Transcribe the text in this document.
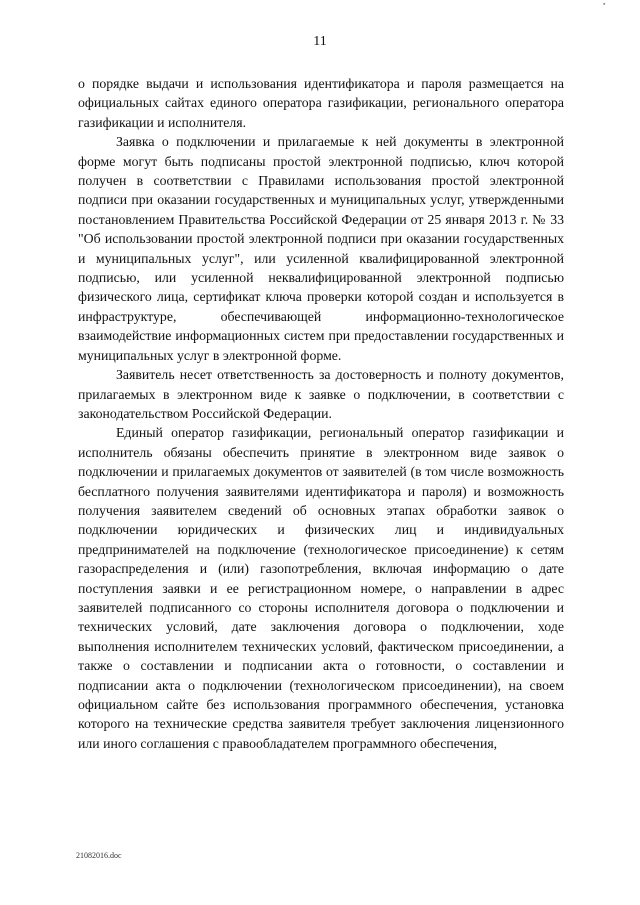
▪
11

о порядке выдачи и использования идентификатора и пароля размещается на официальных сайтах единого оператора газификации, регионального оператора газификации и исполнителя.

Заявка о подключении и прилагаемые к ней документы в электронной форме могут быть подписаны простой электронной подписью, ключ которой получен в соответствии с Правилами использования простой электронной подписи при оказании государственных и муниципальных услуг, утвержденными постановлением Правительства Российской Федерации от 25 января 2013 г. № 33 "Об использовании простой электронной подписи при оказании государственных и муниципальных услуг", или усиленной квалифицированной электронной подписью, или усиленной неквалифицированной электронной подписью физического лица, сертификат ключа проверки которой создан и используется в инфраструктуре, обеспечивающей информационно-технологическое взаимодействие информационных систем при предоставлении государственных и муниципальных услуг в электронной форме.

Заявитель несет ответственность за достоверность и полноту документов, прилагаемых в электронном виде к заявке о подключении, в соответствии с законодательством Российской Федерации.

Единый оператор газификации, региональный оператор газификации и исполнитель обязаны обеспечить принятие в электронном виде заявок о подключении и прилагаемых документов от заявителей (в том числе возможность бесплатного получения заявителями идентификатора и пароля) и возможность получения заявителем сведений об основных этапах обработки заявок о подключении юридических и физических лиц и индивидуальных предпринимателей на подключение (технологическое присоединение) к сетям газораспределения и (или) газопотребления, включая информацию о дате поступления заявки и ее регистрационном номере, о направлении в адрес заявителей подписанного со стороны исполнителя договора о подключении и технических условий, дате заключения договора о подключении, ходе выполнения исполнителем технических условий, фактическом присоединении, а также о составлении и подписании акта о готовности, о составлении и подписании акта о подключении (технологическом присоединении), на своем официальном сайте без использования программного обеспечения, установка которого на технические средства заявителя требует заключения лицензионного или иного соглашения с правообладателем программного обеспечения,

21082016.doc
